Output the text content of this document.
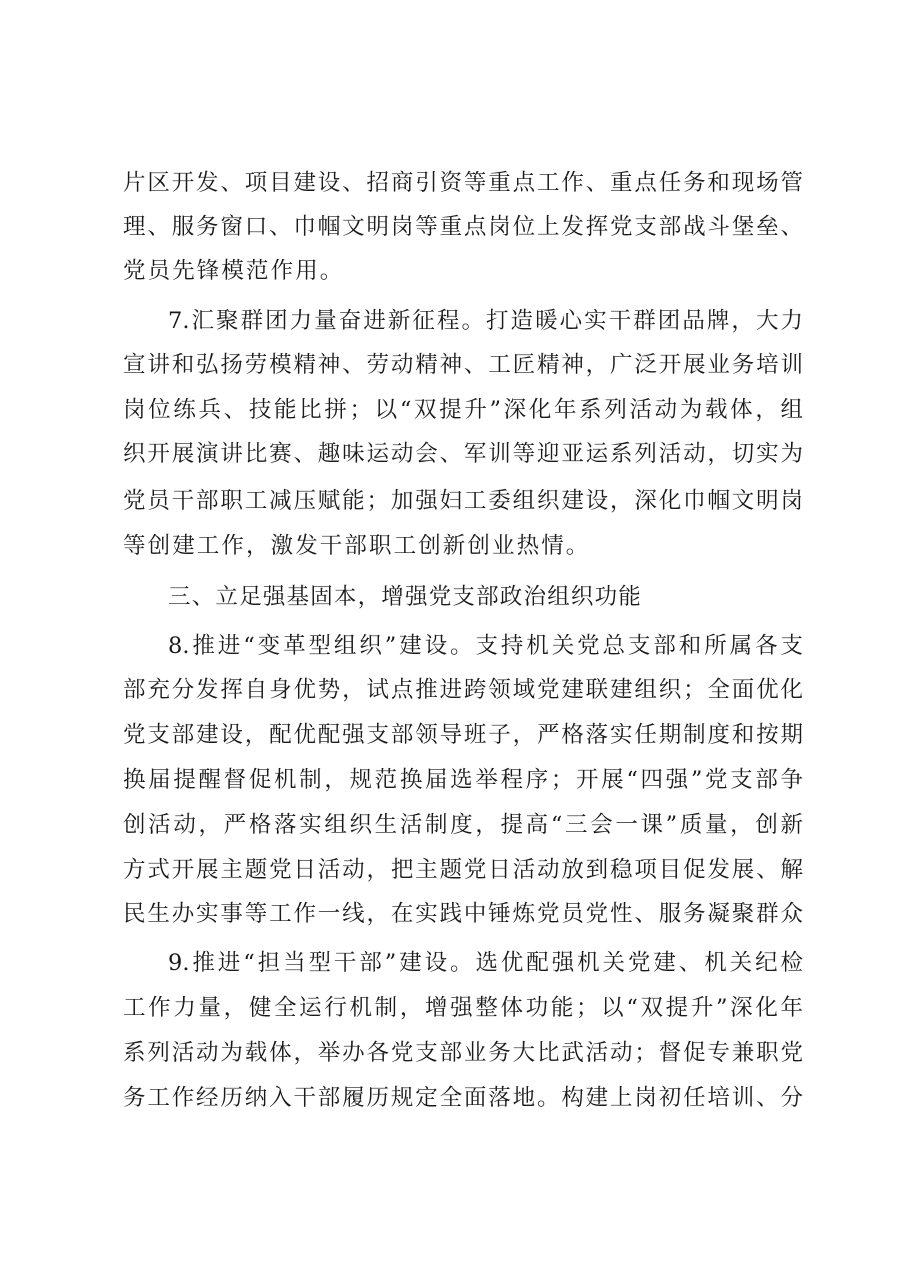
片区开发、项目建设、招商引资等重点工作、重点任务和现场管
理、服务窗口、巾帼文明岗等重点岗位上发挥党支部战斗堡垒、
党员先锋模范作用。
7.汇聚群团力量奋进新征程。打造暖心实干群团品牌，大力
宣讲和弘扬劳模精神、劳动精神、工匠精神，广泛开展业务培训
岗位练兵、技能比拼；以“双提升”深化年系列活动为载体，组
织开展演讲比赛、趣味运动会、军训等迎亚运系列活动，切实为
党员干部职工减压赋能；加强妇工委组织建设，深化巾帼文明岗
等创建工作，激发干部职工创新创业热情。
三、立足强基固本，增强党支部政治组织功能
8.推进“变革型组织”建设。支持机关党总支部和所属各支
部充分发挥自身优势，试点推进跨领域党建联建组织；全面优化
党支部建设，配优配强支部领导班子，严格落实任期制度和按期
换届提醒督促机制，规范换届选举程序；开展“四强”党支部争
创活动，严格落实组织生活制度，提高“三会一课”质量，创新
方式开展主题党日活动，把主题党日活动放到稳项目促发展、解
民生办实事等工作一线，在实践中锤炼党员党性、服务凝聚群众
9.推进“担当型干部”建设。选优配强机关党建、机关纪检
工作力量，健全运行机制，增强整体功能；以“双提升”深化年
系列活动为载体，举办各党支部业务大比武活动；督促专兼职党
务工作经历纳入干部履历规定全面落地。构建上岗初任培训、分
